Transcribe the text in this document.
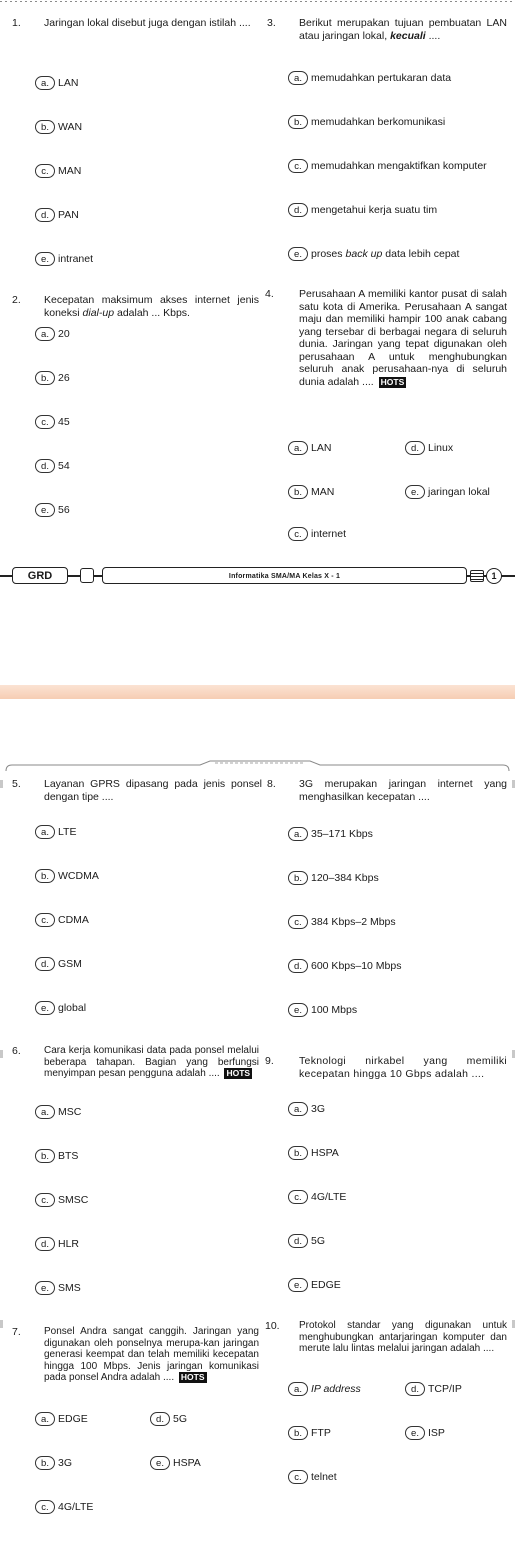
1. Jaringan lokal disebut juga dengan istilah ....
a. LAN
b. WAN
c. MAN
d. PAN
e. intranet
2. Kecepatan maksimum akses internet jenis koneksi dial-up adalah ... Kbps.
a. 20
b. 26
c. 45
d. 54
e. 56
3. Berikut merupakan tujuan pembuatan LAN atau jaringan lokal, kecuali ....
a. memudahkan pertukaran data
b. memudahkan berkomunikasi
c. memudahkan mengaktifkan komputer
d. mengetahui kerja suatu tim
e. proses back up data lebih cepat
4. Perusahaan A memiliki kantor pusat di salah satu kota di Amerika. Perusahaan A sangat maju dan memiliki hampir 100 anak cabang yang tersebar di berbagai negara di seluruh dunia. Jaringan yang tepat digunakan oleh perusahaan A untuk menghubungkan seluruh anak perusahaan-nya di seluruh dunia adalah .... HOTS
a. LAN
b. MAN
c. internet
d. Linux
e. jaringan lokal
GRD	Informatika SMA/MA Kelas X - 1	1
5. Layanan GPRS dipasang pada jenis ponsel dengan tipe ....
a. LTE
b. WCDMA
c. CDMA
d. GSM
e. global
6. Cara kerja komunikasi data pada ponsel melalui beberapa tahapan. Bagian yang berfungsi menyimpan pesan pengguna adalah .... HOTS
a. MSC
b. BTS
c. SMSC
d. HLR
e. SMS
7. Ponsel Andra sangat canggih. Jaringan yang digunakan oleh ponselnya merupa-kan jaringan generasi keempat dan telah memiliki kecepatan hingga 100 Mbps. Jenis jaringan komunikasi pada ponsel Andra adalah .... HOTS
a. EDGE
b. 3G
c. 4G/LTE
d. 5G
e. HSPA
8. 3G merupakan jaringan internet yang menghasilkan kecepatan ....
a. 35–171 Kbps
b. 120–384 Kbps
c. 384 Kbps–2 Mbps
d. 600 Kbps–10 Mbps
e. 100 Mbps
9. Teknologi nirkabel yang memiliki kecepatan hingga 10 Gbps adalah ....
a. 3G
b. HSPA
c. 4G/LTE
d. 5G
e. EDGE
10. Protokol standar yang digunakan untuk menghubungkan antarjaringan komputer dan merute lalu lintas melalui jaringan adalah ....
a. IP address
b. FTP
c. telnet
d. TCP/IP
e. ISP
